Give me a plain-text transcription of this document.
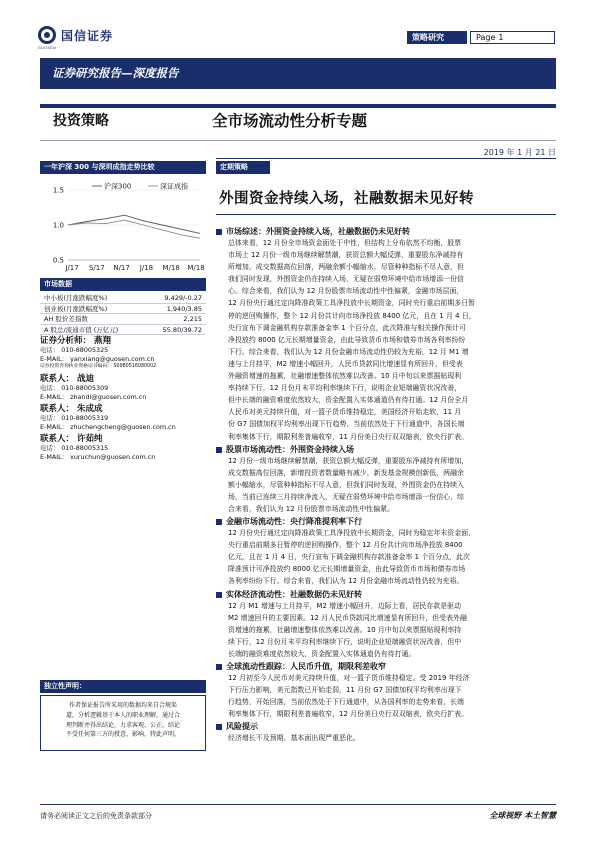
国信证券
GUOSEN
策略研究	Page 1
证券研究报告—深度报告
投资策略	全市场流动性分析专题
2019 年 1 月 21 日
一年沪深 300 与深圳成指走势比较
1.5
1.0
0.5
J/17 S/17 N/17 J/18 M/18 M/18
沪深300	深证成指
市场数据
中小板(月涨跌幅度%)	9,429/-0.27
创业板(月涨跌幅度%)	1,940/3.85
AH 股价差指数	2,215
A 股总/流通市值 (万亿元)	55.80/39.72
证券分析师： 燕翔
电话： 010-88005325
E-MAIL： yanxiang@guosen.com.cn
证券投资咨询执业资格证书编码： S0980516080002
联系人： 战迪
电话： 010-88005309
E-MAIL： zhandi@guosen.com.cn
联系人： 朱成成
电话： 010-88005319
E-MAIL： zhuchengcheng@guosen.com.cn
联系人： 许茹纯
电话： 010-88005315
E-MAIL： xuruchun@guosen.com.cn
独立性声明：
作者保证报告所采用的数据均来自合规渠
道，分析逻辑基于本人的职业理解，通过合
理判断并得出结论，力求客观、公正，结论
不受任何第三方的授意、影响，特此声明。
定期策略
外围资金持续入场，社融数据未见好转
市场综述：外围资金持续入场，社融数据仍未见好转
总体来看，12 月份全市场资金面处于中性，但结构上分布依然不均衡，股票
市场上 12 月份一级市场继续解禁潮，获资总额大幅反弹，重要股东净减持有
所增加，成交数据高位回落，两融余额小幅缩水，尽管种种指标不尽人意，但
我们同时发现，外围资金仍在持续入场，无疑在弱势环境中给市场增添一份信
心。综合来看，我们认为 12 月份股票市场流动性中性偏紧，金融市场层面，
12 月份央行通过定向降准政策工具净投放中长期资金，同时央行重启前期多日暂
停的逆回购操作，整个 12 月份共计向市场净投放 8400 亿元，且在 1 月 4 日，
央行宣布下调金融机构存款准备金率 1 个百分点，此次降准与相关操作预计可
净投放约 8000 亿元长期增量资金，由此导致货币市场和债券市场各利率纷纷
下行。综合来看，我们认为 12 月份金融市场流动性仍较为充裕，12 月 M1 增
速与上月持平，M2 增速小幅回升，人民币贷款同比增速显有所回升，但受表
外融资增速的拖累，社融增速整体依然难以改善。10 月中旬以来票据贴现利
率持续下行，12 月份月末平均利率继续下行，说明企业短端融资状况改善，
但中长端的融资难度依然较大，资金配置入实体通道仍有待打通。12 月份全月
人民币对美元持续升值，对一篮子货币维持稳定，美国经济开始走软，11 月
份 G7 国债加权平均利率出现下行趋势，当前依然处于下行通道中，各国长端
利率集体下行，期限利差普遍收窄，11 月份美日央行双双缩表，欧央行扩表。
股票市场流动性：外围资金持续入场
12 月份一级市场继续解禁潮，获资总额大幅反弹，重要股东净减持有所增加，
成交数据高位回落，新增投资者数量略有减少，新发基金规模创新低，两融余
额小幅缩水，尽管种种指标不尽人意，但我们同时发现，外围资金仍在持续入
场，当前已连续三月持续净流入，无疑在弱势环境中给市场增添一份信心，综
合来看，我们认为 12 月份股票市场流动性中性偏紧。
金融市场流动性：央行降准提利率下行
12 月份央行通过定向降准政策工具净投放中长期资金，同时为稳定年末资金面，
央行重启前期多日暂停的逆回购操作，整个 12 月份共计向市场净投放 8400
亿元，且在 1 月 4 日，央行宣布下调金融机构存款准备金率 1 个百分点，此次
降准预计可净投放约 8000 亿元长期增量资金，由此导致货币市场和债券市场
各利率纷纷下行。综合来看，我们认为 12 月份金融市场流动性仍较为充裕。
实体经济流动性：社融数据仍未见好转
12 月 M1 增速与上月持平，M2 增速小幅回升，边际上看，居民存款是驱动
M2 增速回升的主要因素。12 月人民币贷款同比增速显有所回升，但受表外融
资增速的拖累，社融增速整体依然难以改善。10 月中旬以来票据贴现利率持
续下行，12 月份月末平均利率继续下行，说明企业短端融资状况改善，但中
长端的融资难度依然较大，资金配置入实体通道仍有待打通。
全球流动性跟踪：人民币升值，期限利差收窄
12 月初至今人民币对美元持续升值，对一篮子货币维持稳定。受 2019 年经济
下行压力影响，美元指数已开始走弱，11 月份 G7 国债加权平均利率出现下
行趋势，开始回落，当前依然处于下行通道中，从各国利率的走势来看，长端
利率集体下行，期限利差普遍收窄，12 月份美日央行双双缩表，欧央行扩表。
风险提示
经济增长不及预期、基本面出现严重恶化。
请务必阅读正文之后的免责条款部分	全球视野 本土智慧
